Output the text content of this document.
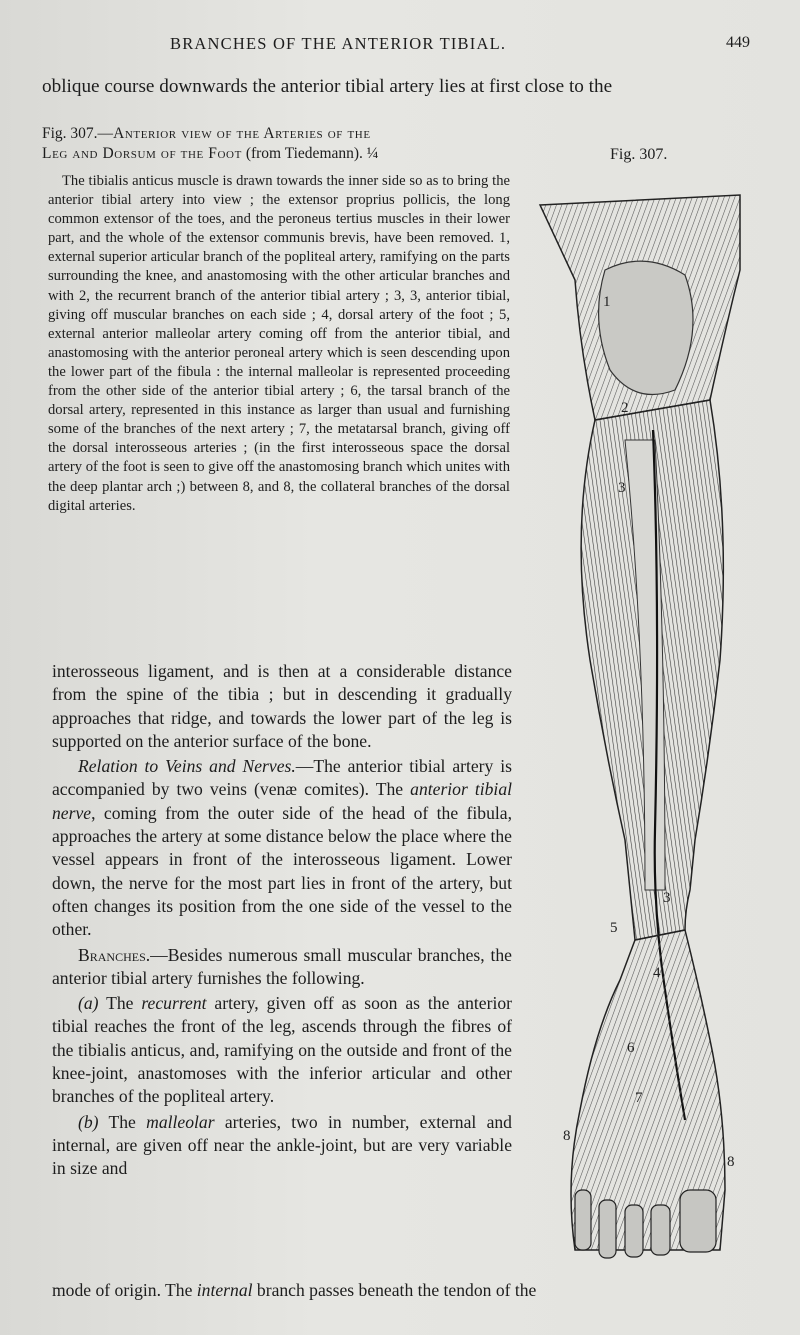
BRANCHES OF THE ANTERIOR TIBIAL.	449
oblique course downwards the anterior tibial artery lies at first close to the
Fig. 307.—Anterior view of the Arteries of the
Leg and Dorsum of the Foot (from Tiedemann). ¼	Fig. 307.
The tibialis anticus muscle is drawn towards the inner side so as to bring the anterior tibial artery into view ; the extensor proprius pollicis, the long common extensor of the toes, and the peroneus tertius muscles in their lower part, and the whole of the extensor communis brevis, have been removed. 1, external superior articular branch of the popliteal artery, ramifying on the parts surrounding the knee, and anastomosing with the other articular branches and with 2, the recurrent branch of the anterior tibial artery ; 3, 3, anterior tibial, giving off muscular branches on each side ; 4, dorsal artery of the foot ; 5, external anterior malleolar artery coming off from the anterior tibial, and anastomosing with the anterior peroneal artery which is seen descending upon the lower part of the fibula : the internal malleolar is represented proceeding from the other side of the anterior tibial artery ; 6, the tarsal branch of the dorsal artery, represented in this instance as larger than usual and furnishing some of the branches of the next artery ; 7, the metatarsal branch, giving off the dorsal interosseous arteries ; (in the first interosseous space the dorsal artery of the foot is seen to give off the anastomosing branch which unites with the deep plantar arch ;) between 8, and 8, the collateral branches of the dorsal digital arteries.
1
2
3
3
4
5
6
7
8
8

interosseous ligament, and is then at a considerable distance from the spine of the tibia ; but in descending it gradually approaches that ridge, and towards the lower part of the leg is supported on the anterior surface of the bone.

Relation to Veins and Nerves.—The anterior tibial artery is accompanied by two veins (venæ comites). The anterior tibial nerve, coming from the outer side of the head of the fibula, approaches the artery at some distance below the place where the vessel appears in front of the interosseous ligament. Lower down, the nerve for the most part lies in front of the artery, but often changes its position from the one side of the vessel to the other.

Branches.—Besides numerous small muscular branches, the anterior tibial artery furnishes the following.

(a) The recurrent artery, given off as soon as the anterior tibial reaches the front of the leg, ascends through the fibres of the tibialis anticus, and, ramifying on the outside and front of the knee-joint, anastomoses with the inferior articular and other branches of the popliteal artery.

(b) The malleolar arteries, two in number, external and internal, are given off near the ankle-joint, but are very variable in size and

mode of origin. The internal branch passes beneath the tendon of the
